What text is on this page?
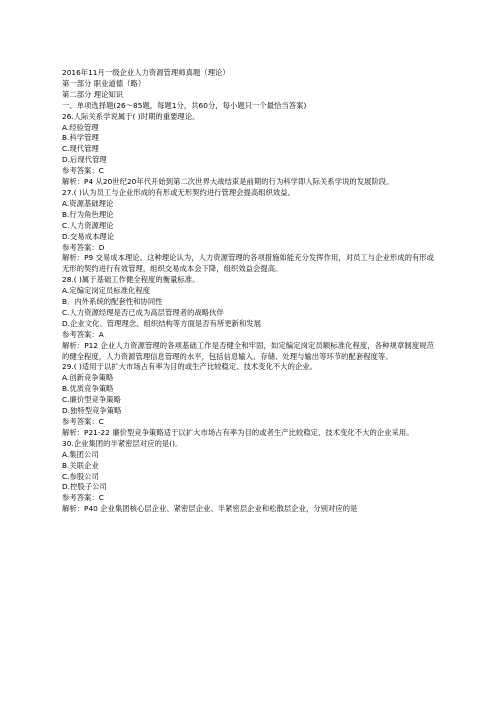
2016年11月一级企业人力资源管理师真题（理论）
第一部分 职业道德（略）
第二部分 理论知识
一、单项选择题(26～85题，每题1分，共60分，每小题只一个最恰当答案)
26.人际关系学说属于( )时期的重要理论。
A.经验管理
B.科学管理
C.现代管理
D.后现代管理
参考答案：C
解析：P4 从20世纪20年代开始到第二次世界大战结束是前期的行为科学即人际关系学说的发展阶段。
27.( )认为员工与企业形成的有形或无形契约进行管理会提高组织效益。
A.资源基础理论
B.行为角色理论
C.人力资源理论
D.交易成本理论
参考答案：D
解析：P9 交易成本理论。这种理论认为，人力资源管理的各项措施如能充分发挥作用，对员工与企业形成的有形或无形的契约进行有效管理，组织交易成本会下降，组织效益会提高。
28.( )属于基础工作健全程度的衡量标准。
A.定编定岗定员标准化程度
B．内外系统的配套性和协同性
C.人力资源经理是否已成为高层管理者的战略伙伴
D.企业文化、管理理念、组织结构等方面是否有所更新和发展
参考答案：A
解析：P12 企业人力资源管理的各项基础工作是否健全和牢固，如定编定岗定员额标准化程度，各种规章制度规范的健全程度，人力资源管理信息管理的水平，包括信息输入、存储、处理与输出等环节的配套程度等。
29.( )适用于以扩大市场占有率为目的或生产比较稳定、技术变化不大的企业。
A.创新竞争策略
B.优质竞争策略
C.廉价型竞争策略
D.独特型竞争策略
参考答案：C
解析：P21-22 廉价型竞争策略适于以扩大市场占有率为目的或者生产比较稳定、技术变化不大的企业采用。
30.企业集团的半紧密层对应的是()。
A.集团公司
B.关联企业
C.参股公司
D.控股子公司
参考答案：C
解析：P40 企业集团核心层企业、紧密层企业、半紧密层企业和松散层企业，分别对应的是
